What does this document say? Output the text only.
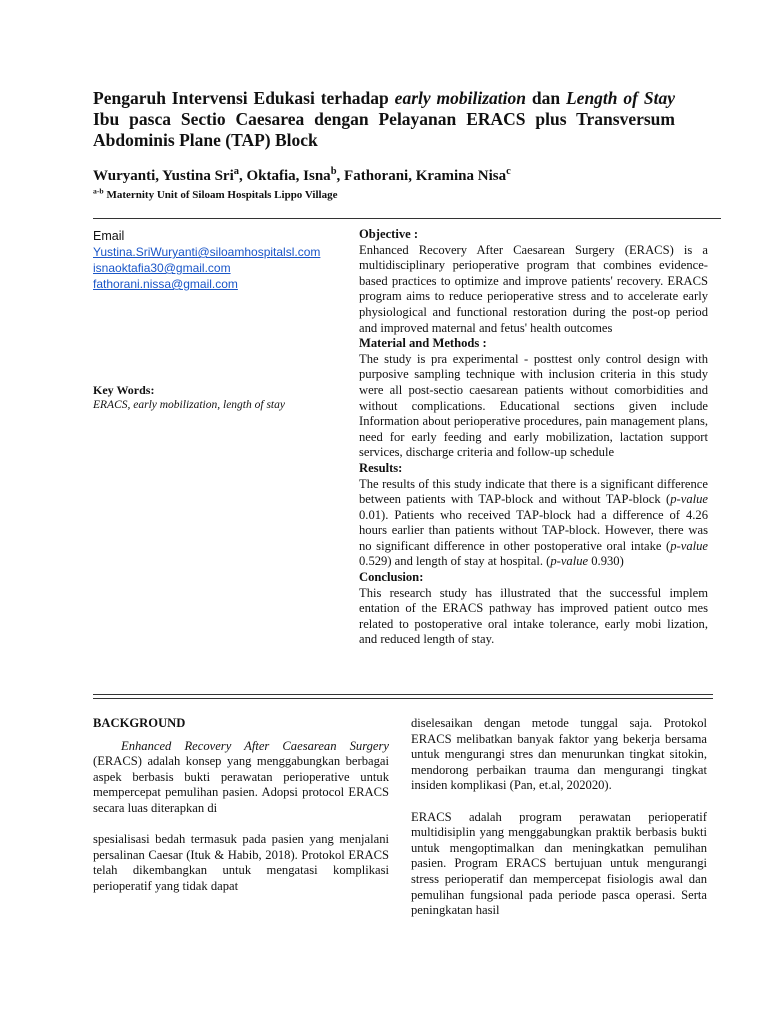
Pengaruh Intervensi Edukasi terhadap early mobilization dan Length of Stay Ibu pasca Sectio Caesarea dengan Pelayanan ERACS plus Transversum Abdominis Plane (TAP) Block
Wuryanti, Yustina Sri$^a$, Oktafia, Isna$^b$, Fathorani, Kramina Nisa$^c$
$^{a-b}$ Maternity Unit of Siloam Hospitals Lippo Village
Email
Yustina.SriWuryanti@siloamhospitalsl.com
isnaoktafia30@gmail.com
fathorani.nissa@gmail.com
Key Words:
ERACS, early mobilization, length of stay
Objective :

Enhanced Recovery After Caesarean Surgery (ERACS) is a multidisciplinary perioperative program that combines evidence-based practices to optimize and improve patients' recovery. ERACS program aims to reduce perioperative stress and to accelerate early physiological and functional restoration during the post-op period and improved maternal and fetus' health outcomes

Material and Methods :

The study is pra experimental - posttest only control design with purposive sampling technique with inclusion criteria in this study were all post-sectio caesarean patients without comorbidities and without complications. Educational sections given include Information about perioperative procedures, pain management plans, need for early feeding and early mobilization, lactation support services, discharge criteria and follow-up schedule

Results:

The results of this study indicate that there is a significant difference between patients with TAP-block and without TAP-block (p-value 0.01). Patients who received TAP-block had a difference of 4.26 hours earlier than patients without TAP-block. However, there was no significant difference in other postoperative oral intake (p-value 0.529) and length of stay at hospital. (p-value 0.930)

Conclusion:

This research study has illustrated that the successful implem entation of the ERACS pathway has improved patient outco mes related to postoperative oral intake tolerance, early mobi lization, and reduced length of stay.

BACKGROUND

Enhanced Recovery After Caesarean Surgery (ERACS) adalah konsep yang menggabungkan berbagai aspek berbasis bukti perawatan perioperative untuk mempercepat pemulihan pasien. Adopsi protocol ERACS secara luas diterapkan di

spesialisasi bedah termasuk pada pasien yang menjalani persalinan Caesar (Ituk & Habib, 2018). Protokol ERACS telah dikembangkan untuk mengatasi komplikasi perioperatif yang tidak dapat

diselesaikan dengan metode tunggal saja. Protokol ERACS melibatkan banyak faktor yang bekerja bersama untuk mengurangi stres dan menurunkan tingkat sitokin, mendorong perbaikan trauma dan mengurangi tingkat insiden komplikasi (Pan, et.al, 202020).

ERACS adalah program perawatan perioperatif multidisiplin yang menggabungkan praktik berbasis bukti untuk mengoptimalkan dan meningkatkan pemulihan pasien. Program ERACS bertujuan untuk mengurangi stress perioperatif dan mempercepat fisiologis awal dan pemulihan fungsional pada periode pasca operasi. Serta peningkatan hasil
